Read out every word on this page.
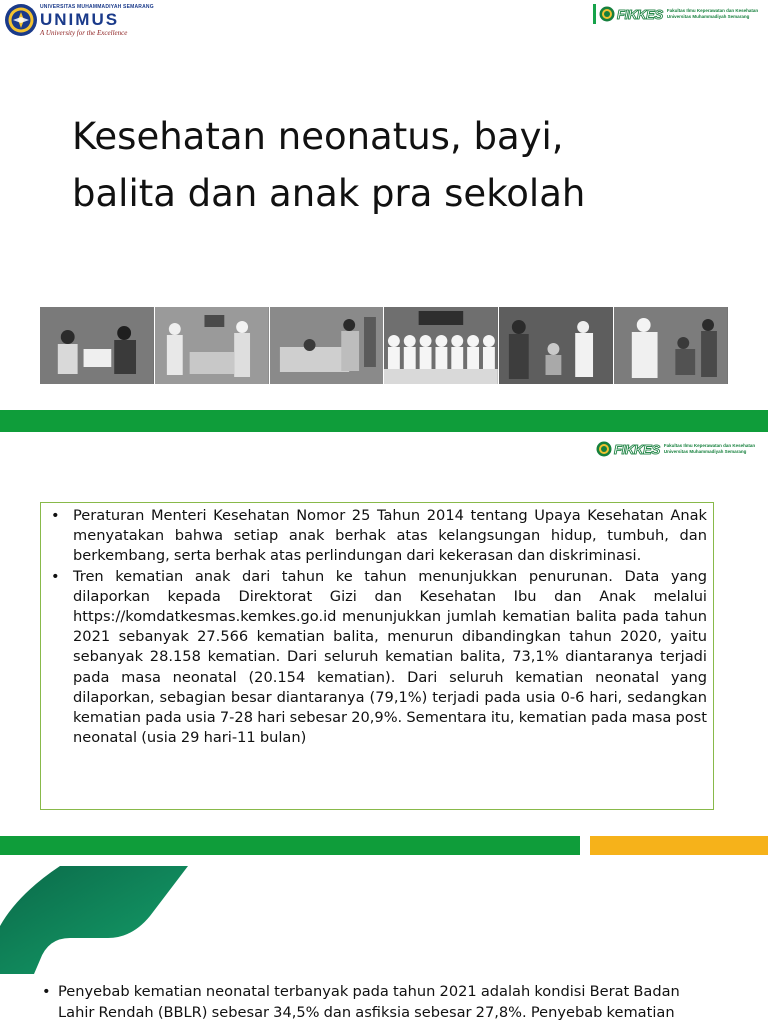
UNIVERSITAS MUHAMMADIYAH SEMARANG
UNIMUS
A University for the Excellence
FIKKES Fakultas Ilmu Keperawatan dan Kesehatan
Universitas Muhammadiyah Semarang
Kesehatan neonatus, bayi,
balita dan anak pra sekolah
FIKKES Fakultas Ilmu Keperawatan dan Kesehatan
Universitas Muhammadiyah Semarang
• Peraturan Menteri Kesehatan Nomor 25 Tahun 2014 tentang Upaya Kesehatan Anak menyatakan bahwa setiap anak berhak atas kelangsungan hidup, tumbuh, dan berkembang, serta berhak atas perlindungan dari kekerasan dan diskriminasi.
• Tren kematian anak dari tahun ke tahun menunjukkan penurunan. Data yang dilaporkan kepada Direktorat Gizi dan Kesehatan Ibu dan Anak melalui https://komdatkesmas.kemkes.go.id menunjukkan jumlah kematian balita pada tahun 2021 sebanyak 27.566 kematian balita, menurun dibandingkan tahun 2020, yaitu sebanyak 28.158 kematian. Dari seluruh kematian balita, 73,1% diantaranya terjadi pada masa neonatal (20.154 kematian). Dari seluruh kematian neonatal yang dilaporkan, sebagian besar diantaranya (79,1%) terjadi pada usia 0-6 hari, sedangkan kematian pada usia 7-28 hari sebesar 20,9%. Sementara itu, kematian pada masa post neonatal (usia 29 hari-11 bulan)
• Penyebab kematian neonatal terbanyak pada tahun 2021 adalah kondisi Berat Badan
Lahir Rendah (BBLR) sebesar 34,5% dan asfiksia sebesar 27,8%. Penyebab kematian
